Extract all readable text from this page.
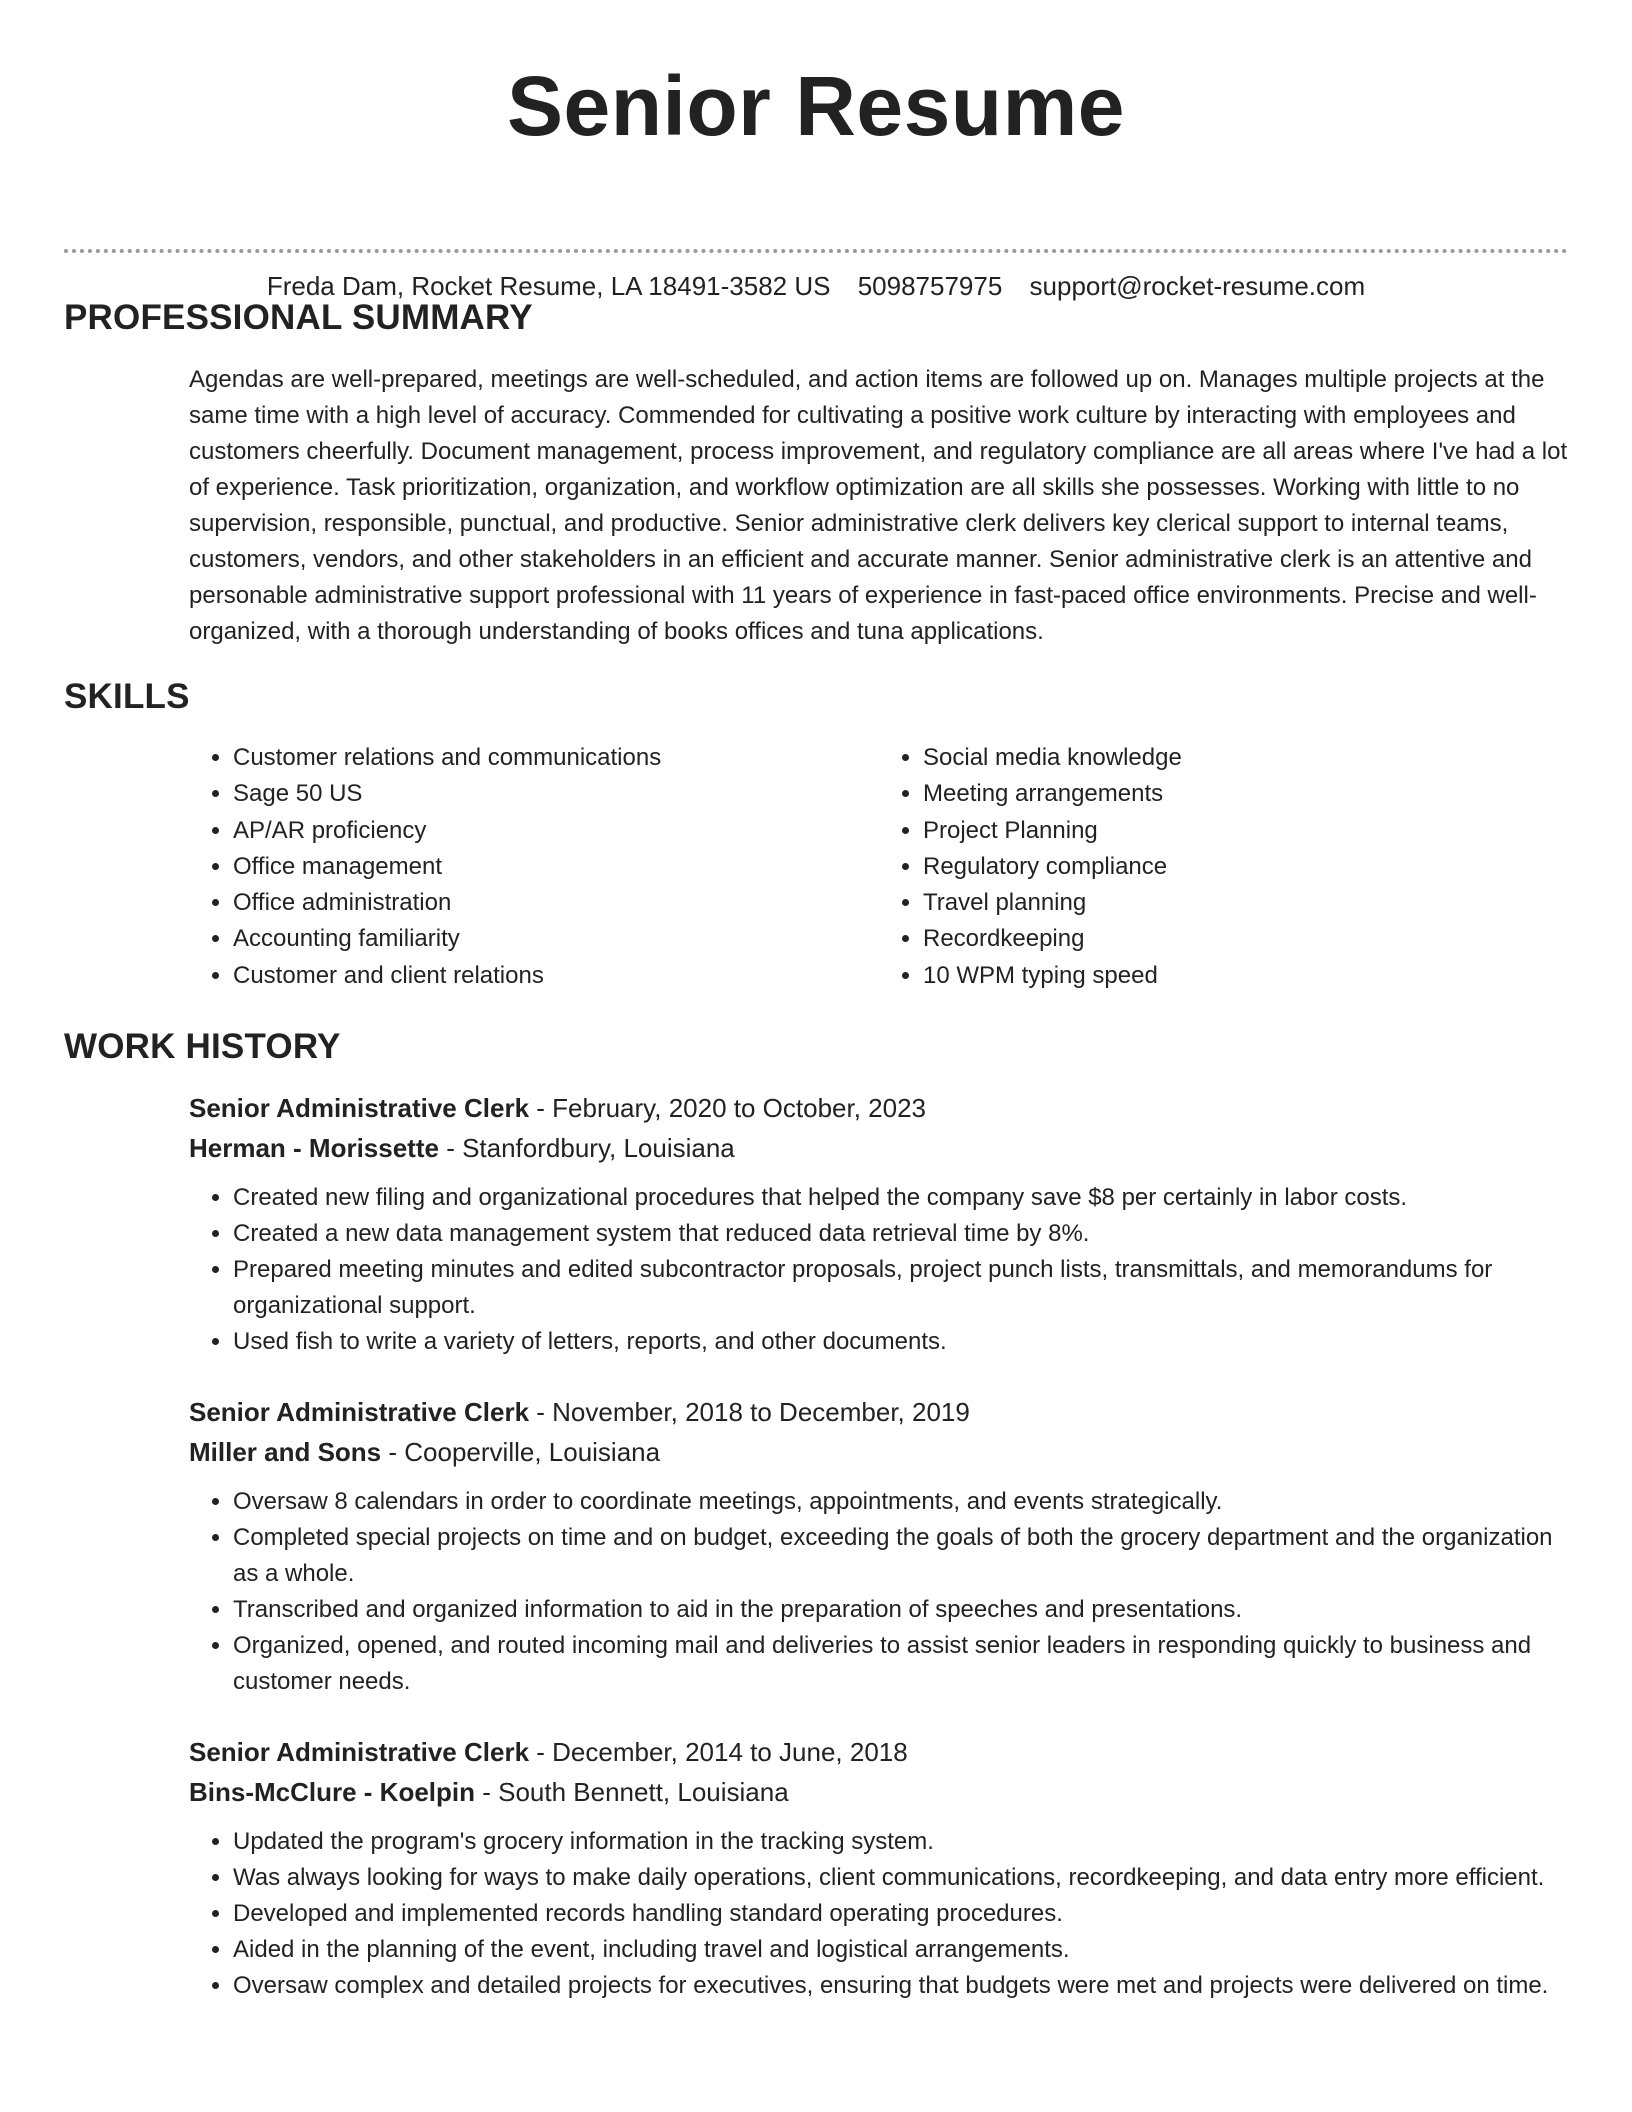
Senior Resume
Freda Dam, Rocket Resume, LA 18491-3582 US 5098757975 support@rocket-resume.com
PROFESSIONAL SUMMARY

Agendas are well-prepared, meetings are well-scheduled, and action items are followed up on. Manages multiple projects at the same time with a high level of accuracy. Commended for cultivating a positive work culture by interacting with employees and customers cheerfully. Document management, process improvement, and regulatory compliance are all areas where I've had a lot of experience. Task prioritization, organization, and workflow optimization are all skills she possesses. Working with little to no supervision, responsible, punctual, and productive. Senior administrative clerk delivers key clerical support to internal teams, customers, vendors, and other stakeholders in an efficient and accurate manner. Senior administrative clerk is an attentive and personable administrative support professional with 11 years of experience in fast-paced office environments. Precise and well-organized, with a thorough understanding of books offices and tuna applications.

SKILLS
• Customer relations and communications
• Sage 50 US
• AP/AR proficiency
• Office management
• Office administration
• Accounting familiarity
• Customer and client relations
• Social media knowledge
• Meeting arrangements
• Project Planning
• Regulatory compliance
• Travel planning
• Recordkeeping
• 10 WPM typing speed
WORK HISTORY

Senior Administrative Clerk - February, 2020 to October, 2023

Herman - Morissette - Stanfordbury, Louisiana

• Created new filing and organizational procedures that helped the company save $8 per certainly in labor costs.
• Created a new data management system that reduced data retrieval time by 8%.
• Prepared meeting minutes and edited subcontractor proposals, project punch lists, transmittals, and memorandums for organizational support.
• Used fish to write a variety of letters, reports, and other documents.

Senior Administrative Clerk - November, 2018 to December, 2019

Miller and Sons - Cooperville, Louisiana

• Oversaw 8 calendars in order to coordinate meetings, appointments, and events strategically.
• Completed special projects on time and on budget, exceeding the goals of both the grocery department and the organization as a whole.
• Transcribed and organized information to aid in the preparation of speeches and presentations.
• Organized, opened, and routed incoming mail and deliveries to assist senior leaders in responding quickly to business and customer needs.

Senior Administrative Clerk - December, 2014 to June, 2018

Bins-McClure - Koelpin - South Bennett, Louisiana

• Updated the program's grocery information in the tracking system.
• Was always looking for ways to make daily operations, client communications, recordkeeping, and data entry more efficient.
• Developed and implemented records handling standard operating procedures.
• Aided in the planning of the event, including travel and logistical arrangements.
• Oversaw complex and detailed projects for executives, ensuring that budgets were met and projects were delivered on time.
